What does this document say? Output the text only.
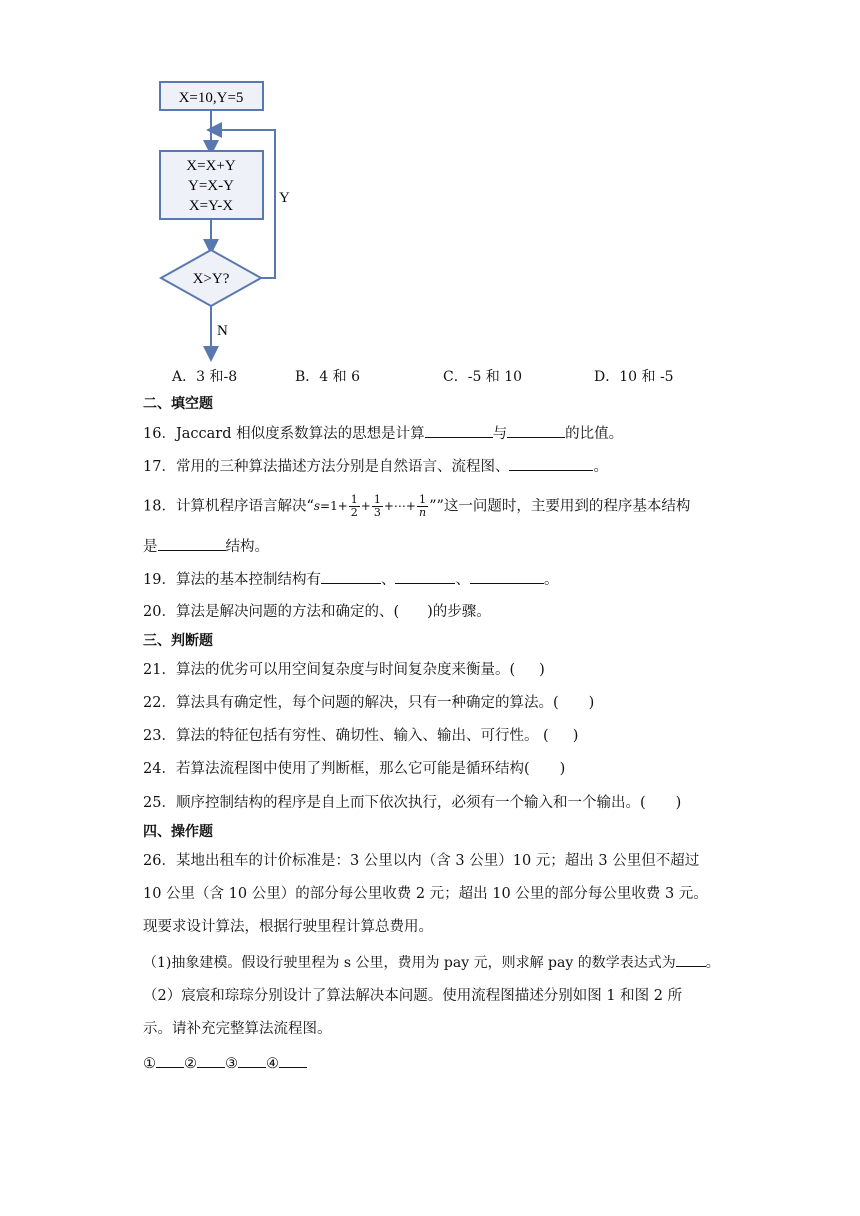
X=10,Y=5
X=X+Y
Y=X-Y
X=Y-X
X>Y?
Y
N
A．3 和-8	B．4 和 6	C．-5 和 10	D．10 和 -5
二、填空题
16．Jaccard 相似度系数算法的思想是计算	与	的比值。
17．常用的三种算法描述方法分别是自然语言、流程图、	。
18．计算机程序语言解决“$s=1+ \frac{1}{2} + \frac{1}{3}$ +⋯+ $\frac{1}{n}$ ””这一问题时，主要用到的程序基本结构
是	结构。
19．算法的基本控制结构有	、	、	。
20．算法是解决问题的方法和确定的、( )的步骤。
三、判断题
21．算法的优劣可以用空间复杂度与时间复杂度来衡量。( )
22．算法具有确定性，每个问题的解决，只有一种确定的算法。( )
23．算法的特征包括有穷性、确切性、输入、输出、可行性。 ( )
24．若算法流程图中使用了判断框，那么它可能是循环结构( )
25．顺序控制结构的程序是自上而下依次执行，必须有一个输入和一个输出。( )
四、操作题
26．某地出租车的计价标准是：3 公里以内（含 3 公里）10 元；超出 3 公里但不超过
10 公里（含 10 公里）的部分每公里收费 2 元；超出 10 公里的部分每公里收费 3 元。
现要求设计算法，根据行驶里程计算总费用。
（1)抽象建模。假设行驶里程为 s 公里，费用为 pay 元，则求解 pay 的数学表达式为 。
（2）宸宸和琮琮分别设计了算法解决本问题。使用流程图描述分别如图 1 和图 2 所
示。请补充完整算法流程图。
① ② ③ ④
